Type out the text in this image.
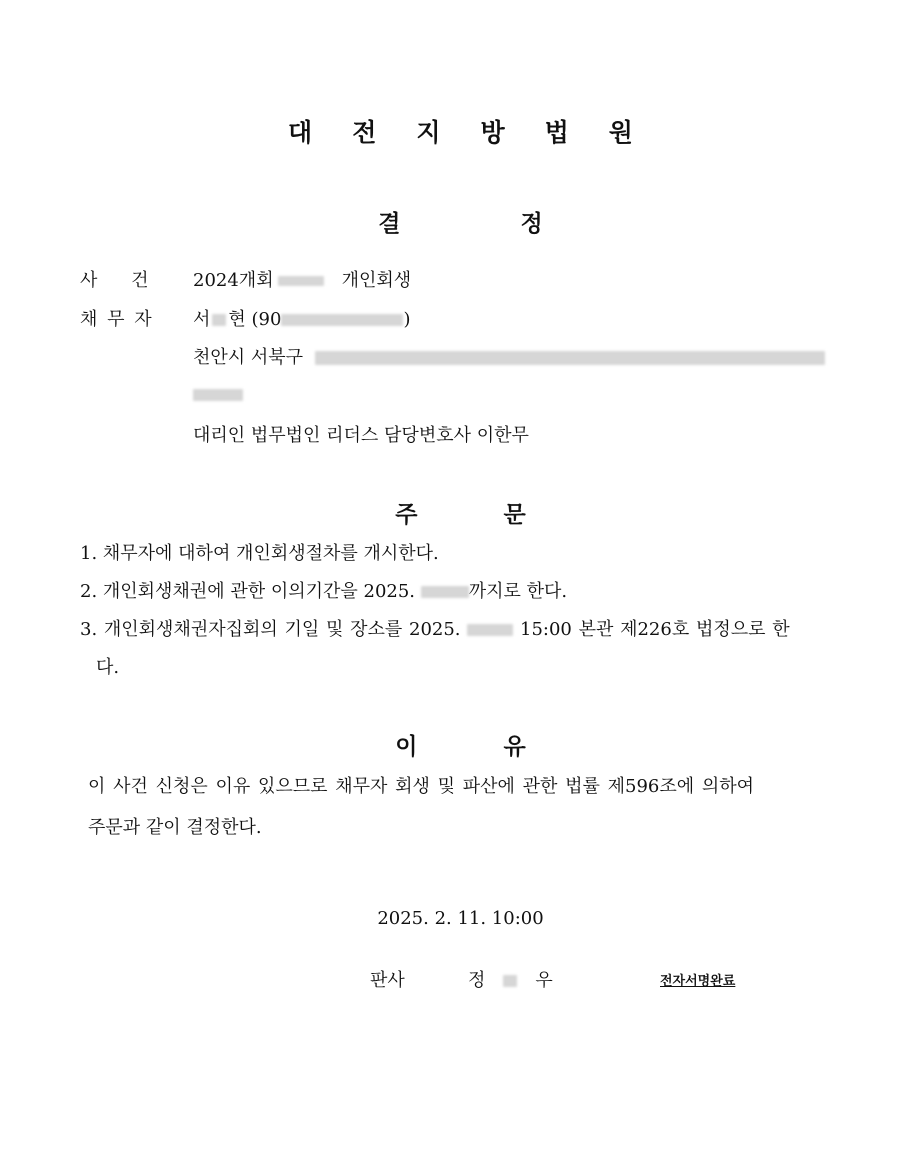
대전지방법원
결	정
사 건 2024개회	개인회생
채 무 자 서 현 (90	)
천안시 서북구
대리인 법무법인 리더스 담당변호사 이한무
주	문
1. 채무자에 대하여 개인회생절차를 개시한다.
2. 개인회생채권에 관한 이의기간을 2025.	까지로 한다.
3. 개인회생채권자집회의 기일 및 장소를 2025.	15:00 본관 제226호 법정으로 한
다.
이	유
이 사건 신청은 이유 있으므로 채무자 회생 및 파산에 관한 법률 제596조에 의하여
주문과 같이 결정한다.
2025. 2. 11. 10:00
판사	정	우	전자서명완료
